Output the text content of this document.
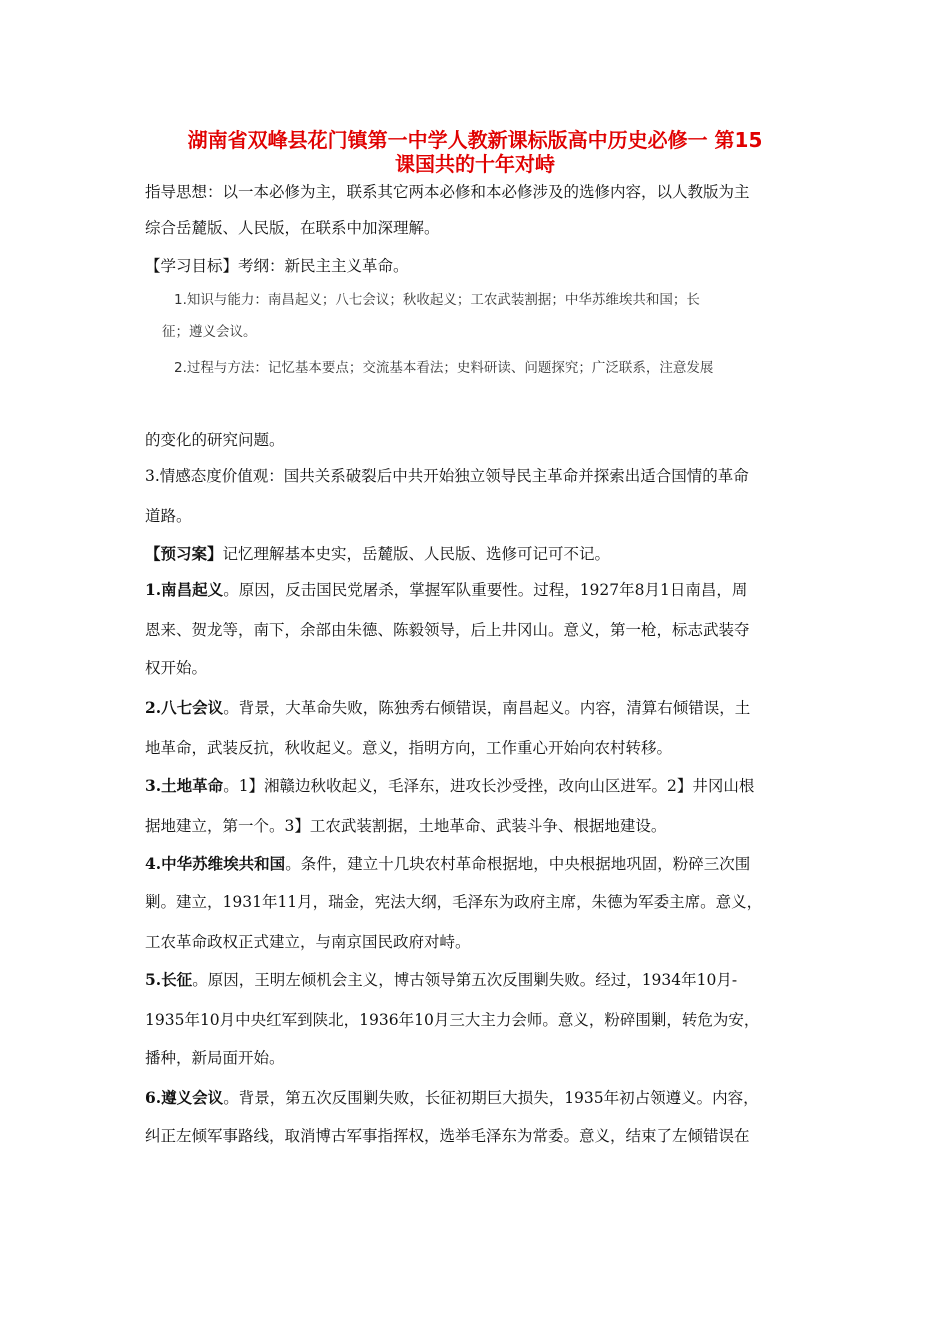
湖南省双峰县花门镇第一中学人教新课标版高中历史必修一 第15
课国共的十年对峙

指导思想：以一本必修为主，联系其它两本必修和本必修涉及的选修内容，以人教版为主

综合岳麓版、人民版，在联系中加深理解。

【学习目标】考纲：新民主主义革命。

1.知识与能力：南昌起义；八七会议；秋收起义；工农武装割据；中华苏维埃共和国；长

征；遵义会议。

2.过程与方法：记忆基本要点；交流基本看法；史料研读、问题探究；广泛联系，注意发展

的变化的研究问题。

3.情感态度价值观：国共关系破裂后中共开始独立领导民主革命并探索出适合国情的革命

道路。

【预习案】记忆理解基本史实，岳麓版、人民版、选修可记可不记。

1.南昌起义。原因，反击国民党屠杀，掌握军队重要性。过程，1927年8月1日南昌，周

恩来、贺龙等，南下，余部由朱德、陈毅领导，后上井冈山。意义，第一枪，标志武装夺

权开始。

2.八七会议。背景，大革命失败，陈独秀右倾错误，南昌起义。内容，清算右倾错误，土

地革命，武装反抗，秋收起义。意义，指明方向，工作重心开始向农村转移。

3.土地革命。1】湘赣边秋收起义，毛泽东，进攻长沙受挫，改向山区进军。2】井冈山根

据地建立，第一个。3】工农武装割据，土地革命、武装斗争、根据地建设。

4.中华苏维埃共和国。条件，建立十几块农村革命根据地，中央根据地巩固，粉碎三次围

剿。建立，1931年11月，瑞金，宪法大纲，毛泽东为政府主席，朱德为军委主席。意义，

工农革命政权正式建立，与南京国民政府对峙。

5.长征。原因，王明左倾机会主义，博古领导第五次反围剿失败。经过，1934年10月-

1935年10月中央红军到陕北，1936年10月三大主力会师。意义，粉碎围剿，转危为安，

播种，新局面开始。

6.遵义会议。背景，第五次反围剿失败，长征初期巨大损失，1935年初占领遵义。内容，

纠正左倾军事路线，取消博古军事指挥权，选举毛泽东为常委。意义，结束了左倾错误在
